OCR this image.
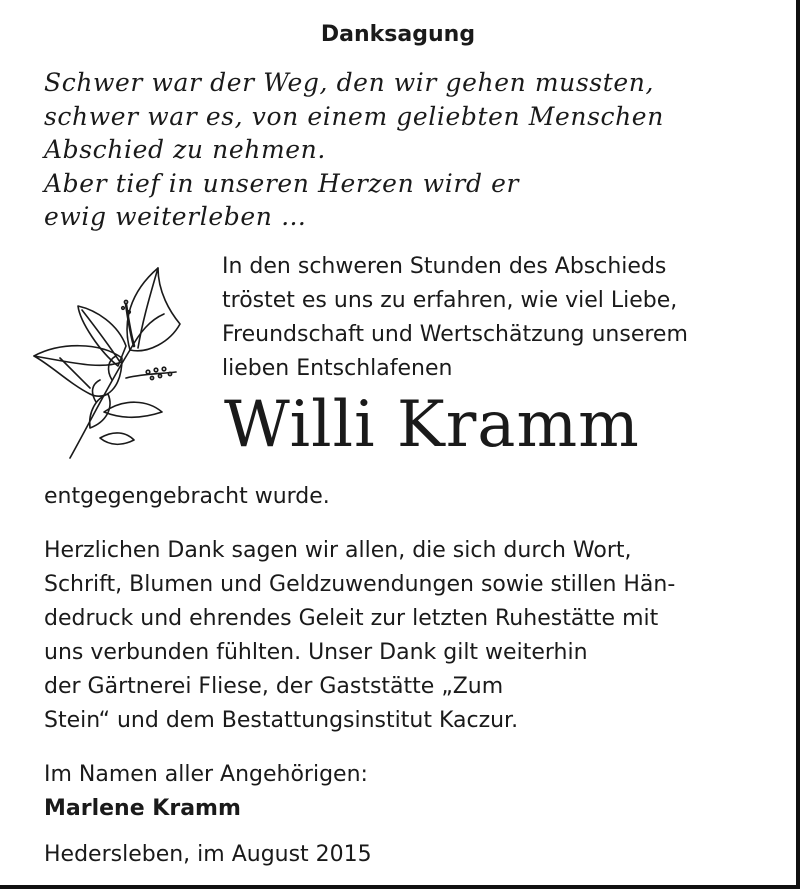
Danksagung
Schwer war der Weg, den wir gehen mussten,
schwer war es, von einem geliebten Menschen
Abschied zu nehmen.
Aber tief in unseren Herzen wird er
ewig weiterleben …
In den schweren Stunden des Abschieds
tröstet es uns zu erfahren, wie viel Liebe,
Freundschaft und Wertschätzung unserem
lieben Entschlafenen
Willi Kramm
entgegengebracht wurde.
Herzlichen Dank sagen wir allen, die sich durch Wort,
Schrift, Blumen und Geldzuwendungen sowie stillen Hän-
dedruck und ehrendes Geleit zur letzten Ruhestätte mit
uns verbunden fühlten. Unser Dank gilt weiterhin
der Gärtnerei Fliese, der Gaststätte „Zum
Stein“ und dem Bestattungsinstitut Kaczur.
Im Namen aller Angehörigen:
Marlene Kramm
Hedersleben, im August 2015
